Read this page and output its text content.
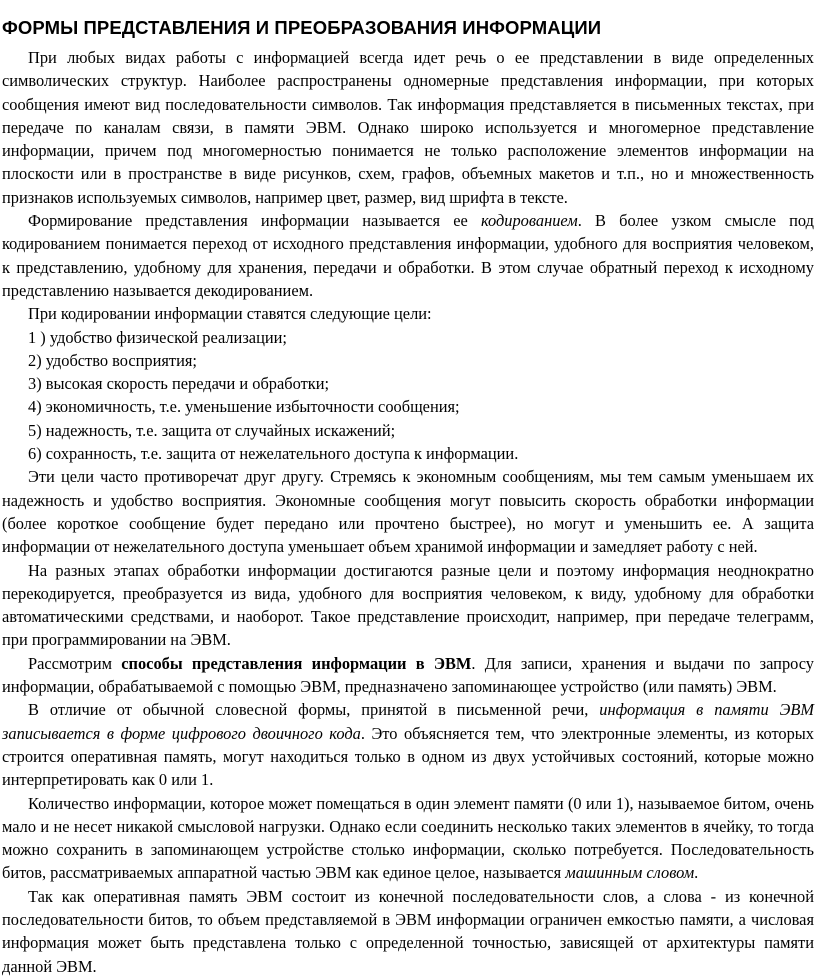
ФОРМЫ ПРЕДСТАВЛЕНИЯ И ПРЕОБРАЗОВАНИЯ ИНФОРМАЦИИ

При любых видах работы с информацией всегда идет речь о ее представлении в виде определенных символических структур. Наиболее распространены одномерные представления информации, при которых сообщения имеют вид последовательности символов. Так информация представляется в письменных текстах, при передаче по каналам связи, в памяти ЭВМ. Однако широко используется и многомерное представление информации, причем под многомерностью понимается не только расположение элементов информации на плоскости или в пространстве в виде рисунков, схем, графов, объемных макетов и т.п., но и множественность признаков используемых символов, например цвет, размер, вид шрифта в тексте.

Формирование представления информации называется ее кодированием. В более узком смысле под кодированием понимается переход от исходного представления информации, удобного для восприятия человеком, к представлению, удобному для хранения, передачи и обработки. В этом случае обратный переход к исходному представлению называется декодированием.

При кодировании информации ставятся следующие цели:

1 ) удобство физической реализации;

2) удобство восприятия;

3) высокая скорость передачи и обработки;

4) экономичность, т.е. уменьшение избыточности сообщения;

5) надежность, т.е. защита от случайных искажений;

6) сохранность, т.е. защита от нежелательного доступа к информации.

Эти цели часто противоречат друг другу. Стремясь к экономным сообщениям, мы тем самым уменьшаем их надежность и удобство восприятия. Экономные сообщения могут повысить скорость обработки информации (более короткое сообщение будет передано или прочтено быстрее), но могут и уменьшить ее. А защита информации от нежелательного доступа уменьшает объем хранимой информации и замедляет работу с ней.

На разных этапах обработки информации достигаются разные цели и поэтому информация неоднократно перекодируется, преобразуется из вида, удобного для восприятия человеком, к виду, удобному для обработки автоматическими средствами, и наоборот. Такое представление происходит, например, при передаче телеграмм, при программировании на ЭВМ.

Рассмотрим способы представления информации в ЭВМ. Для записи, хранения и выдачи по запросу информации, обрабатываемой с помощью ЭВМ, предназначено запоминающее устройство (или память) ЭВМ.

В отличие от обычной словесной формы, принятой в письменной речи, информация в памяти ЭВМ записывается в форме цифрового двоичного кода. Это объясняется тем, что электронные элементы, из которых строится оперативная память, могут находиться только в одном из двух устойчивых состояний, которые можно интерпретировать как 0 или 1.

Количество информации, которое может помещаться в один элемент памяти (0 или 1), называемое битом, очень мало и не несет никакой смысловой нагрузки. Однако если соединить несколько таких элементов в ячейку, то тогда можно сохранить в запоминающем устройстве столько информации, сколько потребуется. Последовательность битов, рассматриваемых аппаратной частью ЭВМ как единое целое, называется машинным словом.

Так как оперативная память ЭВМ состоит из конечной последовательности слов, а слова - из конечной последовательности битов, то объем представляемой в ЭВМ информации ограничен емкостью памяти, а числовая информация может быть представлена только с определенной точностью, зависящей от архитектуры памяти данной ЭВМ.
